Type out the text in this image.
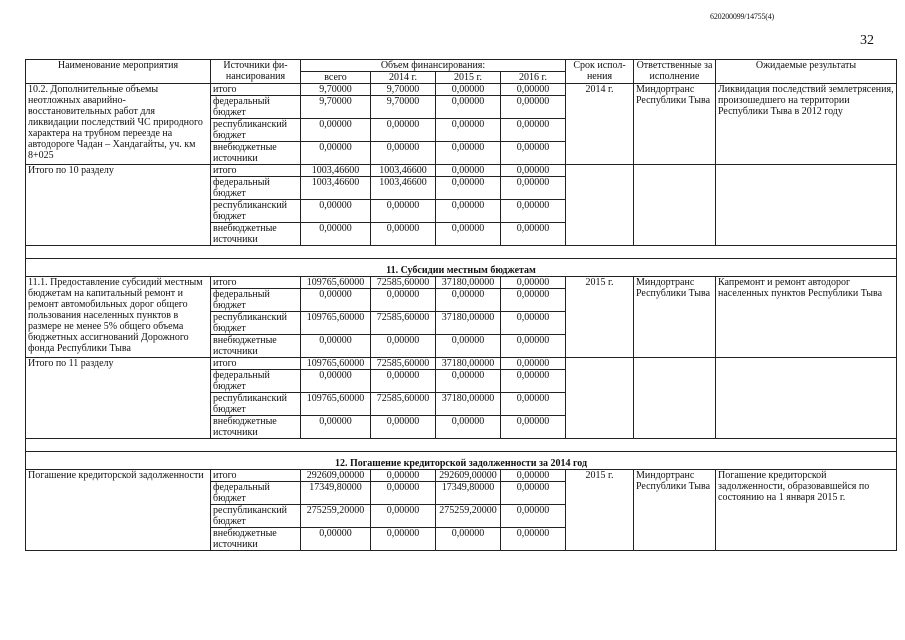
620200099/14755(4)
32
Наименование мероприятия	Источники фи-нансирования	Объем финансирования:				Срок испол-нения	Ответственные за исполнение	Ожидаемые результаты
		всего	2014 г.	2015 г.	2016 г.			
10.2. Дополнительные объемы неотложных аварийно-восстановительных работ для ликвидации последствий ЧС природного характера на трубном переезде на автодороге Чадан – Хандагайты, уч. км 8+025	итого	9,70000	9,70000	0,00000	0,00000	2014 г.	Миндортранс Республики Тыва	Ликвидация последствий землетрясения, произошедшего на территории Республики Тыва в 2012 году
	федеральный бюджет	9,70000	9,70000	0,00000	0,00000			
	республиканский бюджет	0,00000	0,00000	0,00000	0,00000			
	внебюджетные источники	0,00000	0,00000	0,00000	0,00000			
Итого по 10 разделу	итого	1003,46600	1003,46600	0,00000	0,00000			
	федеральный бюджет	1003,46600	1003,46600	0,00000	0,00000			
	республиканский бюджет	0,00000	0,00000	0,00000	0,00000			
	внебюджетные источники	0,00000	0,00000	0,00000	0,00000			

11. Субсидии местным бюджетам								
11.1. Предоставление субсидий местным бюджетам на капитальный ремонт и ремонт автомобильных дорог общего пользования населенных пунктов в размере не менее 5% общего объема бюджетных ассигнований Дорожного фонда Республики Тыва	итого	109765,60000	72585,60000	37180,00000	0,00000	2015 г.	Миндортранс Республики Тыва	Капремонт и ремонт автодорог населенных пунктов Республики Тыва
	федеральный бюджет	0,00000	0,00000	0,00000	0,00000			
	республиканский бюджет	109765,60000	72585,60000	37180,00000	0,00000			
	внебюджетные источники	0,00000	0,00000	0,00000	0,00000			
Итого по 11 разделу	итого	109765,60000	72585,60000	37180,00000	0,00000			
	федеральный бюджет	0,00000	0,00000	0,00000	0,00000			
	республиканский бюджет	109765,60000	72585,60000	37180,00000	0,00000			
	внебюджетные источники	0,00000	0,00000	0,00000	0,00000			

12. Погашение кредиторской задолженности за 2014 год								
Погашение кредиторской задолженности	итого	292609,00000	0,00000	292609,00000	0,00000	2015 г.	Миндортранс Республики Тыва	Погашение кредиторской задолженности, образовавшейся по состоянию на 1 января 2015 г.
	федеральный бюджет	17349,80000	0,00000	17349,80000	0,00000			
	республиканский бюджет	275259,20000	0,00000	275259,20000	0,00000			
	внебюджетные источники	0,00000	0,00000	0,00000	0,00000			
